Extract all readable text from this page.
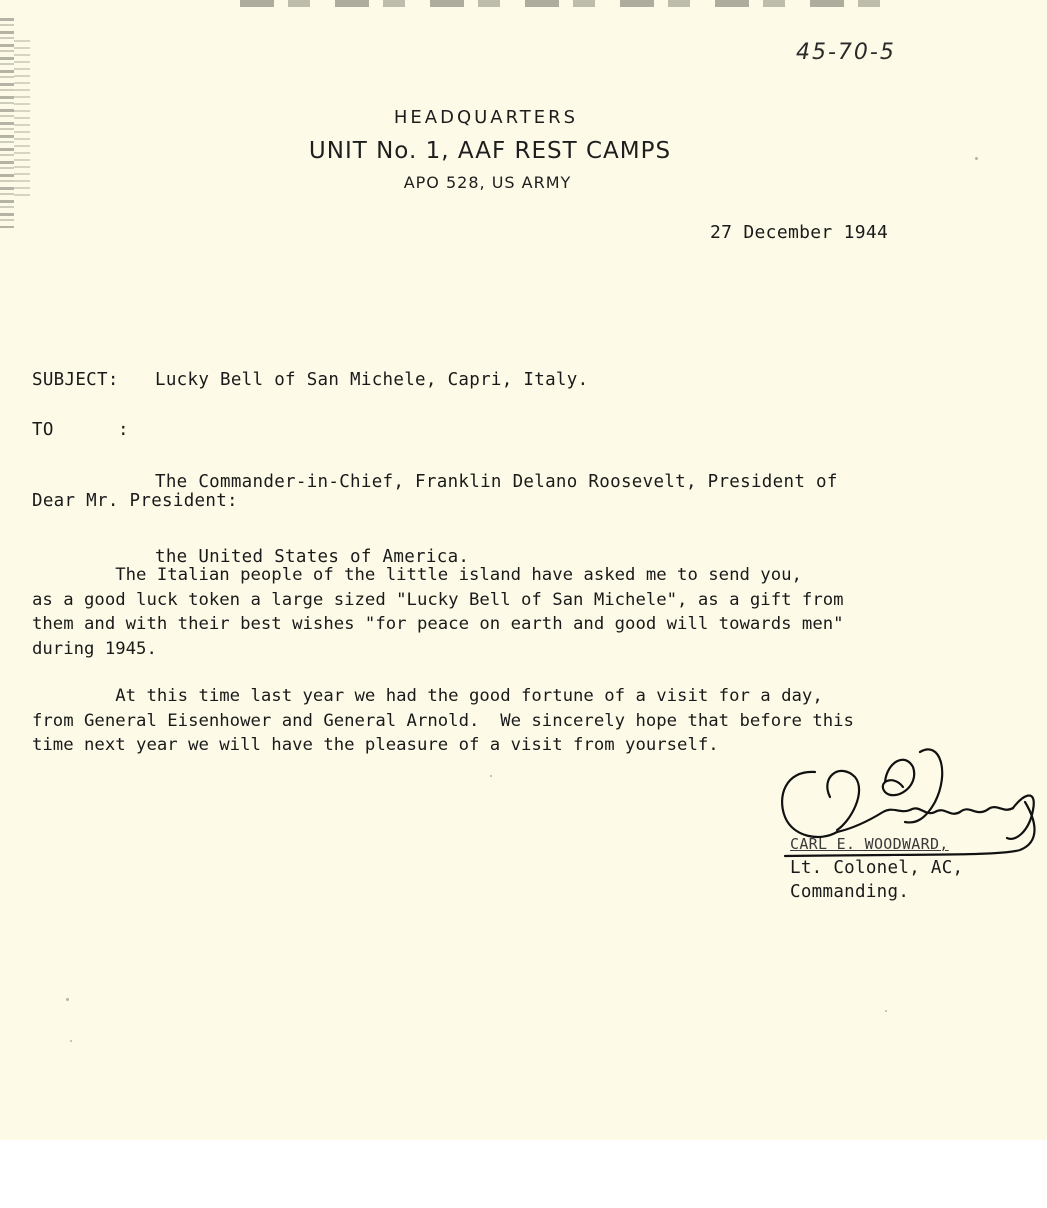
45-70-5
HEADQUARTERS
UNIT No. 1, AAF REST CAMPS
APO 528, US ARMY
27 December 1944
SUBJECT: Lucky Bell of San Michele, Capri, Italy.
TO	:

The Commander-in-Chief, Franklin Delano Roosevelt, President of

the United States of America.

Dear Mr. President:
The Italian people of the little island have asked me to send you,
as a good luck token a large sized "Lucky Bell of San Michele", as a gift from
them and with their best wishes "for peace on earth and good will towards men"
during 1945.
At this time last year we had the good fortune of a visit for a day,
from General Eisenhower and General Arnold.  We sincerely hope that before this
time next year we will have the pleasure of a visit from yourself.
CARL E. WOODWARD,
Lt. Colonel, AC,
Commanding.
